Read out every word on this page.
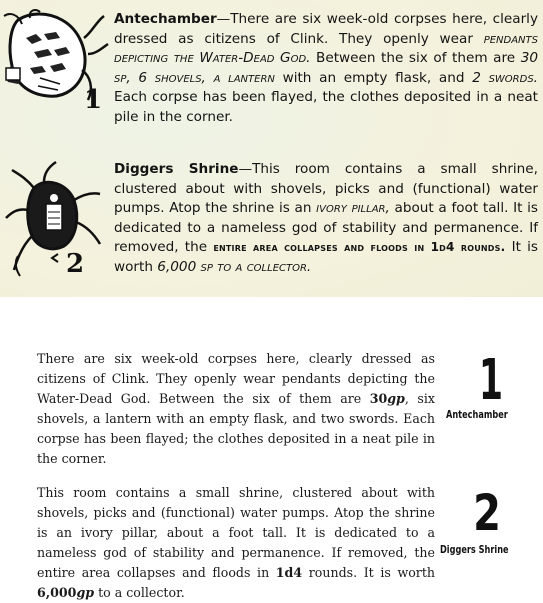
1

Antechamber—There are six week-old corpses here, clearly dressed as citizens of Clink. They openly wear pendants depicting the Water-Dead God. Between the six of them are 30 sp, 6 shovels, a lantern with an empty flask, and 2 swords. Each corpse has been flayed, the clothes deposited in a neat pile in the corner.

2

Diggers Shrine—This room contains a small shrine, clustered about with shovels, picks and (functional) water pumps. Atop the shrine is an ivory pillar, about a foot tall. It is dedicated to a nameless god of stability and permanence. If removed, the entire area collapses and floods in 1d4 rounds. It is worth 6,000 sp to a collector.

There are six week-old corpses here, clearly dressed as citizens of Clink. They openly wear pendants depicting the Water-Dead God. Between the six of them are 30gp, six shovels, a lantern with an empty flask, and two swords. Each corpse has been flayed; the clothes deposited in a neat pile in the corner.

1
Antechamber

This room contains a small shrine, clustered about with shovels, picks and (functional) water pumps. Atop the shrine is an ivory pillar, about a foot tall. It is dedicated to a nameless god of stability and permanence. If removed, the entire area collapses and floods in 1d4 rounds. It is worth 6,000gp to a collector.

2
Diggers Shrine
